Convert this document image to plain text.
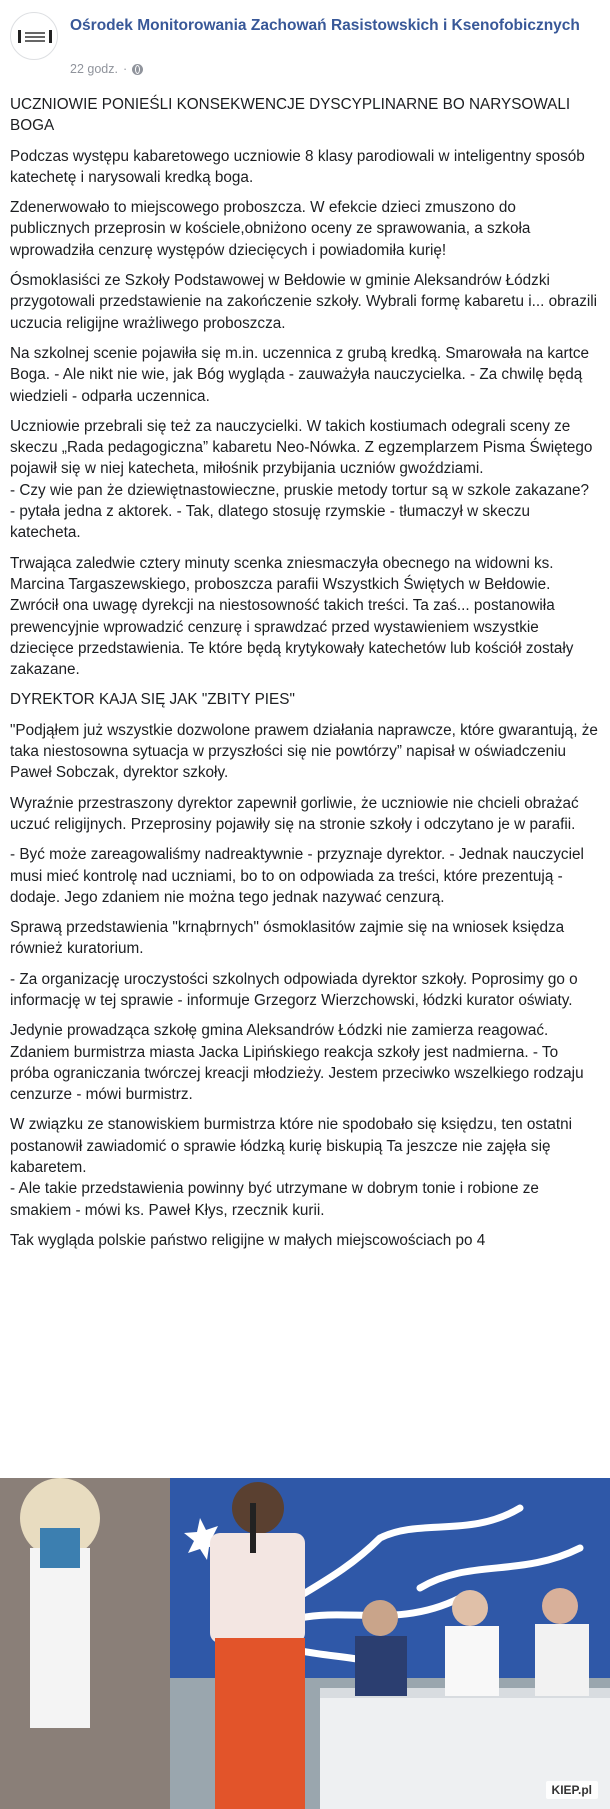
Ośrodek Monitorowania Zachowań Rasistowskich i Ksenofobicznych
22 godz. ·

UCZNIOWIE PONIEŚLI KONSEKWENCJE DYSCYPLINARNE BO NARYSOWALI BOGA

Podczas występu kabaretowego uczniowie 8 klasy parodiowali w inteligentny sposób katechetę i narysowali kredką boga.

Zdenerwowało to miejscowego proboszcza. W efekcie dzieci zmuszono do publicznych przeprosin w kościele,obniżono oceny ze sprawowania, a szkoła wprowadziła cenzurę występów dziecięcych i powiadomiła kurię!

Ósmoklasiści ze Szkoły Podstawowej w Bełdowie w gminie Aleksandrów Łódzki przygotowali przedstawienie na zakończenie szkoły. Wybrali formę kabaretu i... obrazili uczucia religijne wrażliwego proboszcza.

Na szkolnej scenie pojawiła się m.in. uczennica z grubą kredką. Smarowała na kartce Boga. - Ale nikt nie wie, jak Bóg wygląda - zauważyła nauczycielka. - Za chwilę będą wiedzieli - odparła uczennica.

Uczniowie przebrali się też za nauczycielki. W takich kostiumach odegrali sceny ze skeczu „Rada pedagogiczna” kabaretu Neo-Nówka. Z egzemplarzem Pisma Świętego pojawił się w niej katecheta, miłośnik przybijania uczniów gwoździami.

- Czy wie pan że dziewiętnastowieczne, pruskie metody tortur są w szkole zakazane? - pytała jedna z aktorek. - Tak, dlatego stosuję rzymskie - tłumaczył w skeczu katecheta.

Trwająca zaledwie cztery minuty scenka zniesmaczyła obecnego na widowni ks. Marcina Targaszewskiego, proboszcza parafii Wszystkich Świętych w Bełdowie. Zwrócił ona uwagę dyrekcji na niestosowność takich treści. Ta zaś... postanowiła prewencyjnie wprowadzić cenzurę i sprawdzać przed wystawieniem wszystkie dziecięce przedstawienia. Te które będą krytykowały katechetów lub kościół zostały zakazane.

DYREKTOR KAJA SIĘ JAK "ZBITY PIES"

"Podjąłem już wszystkie dozwolone prawem działania naprawcze, które gwarantują, że taka niestosowna sytuacja w przyszłości się nie powtórzy” napisał w oświadczeniu Paweł Sobczak, dyrektor szkoły.

Wyraźnie przestraszony dyrektor zapewnił gorliwie, że uczniowie nie chcieli obrażać uczuć religijnych. Przeprosiny pojawiły się na stronie szkoły i odczytano je w parafii.

- Być może zareagowaliśmy nadreaktywnie - przyznaje dyrektor. - Jednak nauczyciel musi mieć kontrolę nad uczniami, bo to on odpowiada za treści, które prezentują - dodaje. Jego zdaniem nie można tego jednak nazywać cenzurą.

Sprawą przedstawienia "krnąbrnych" ósmoklasitów zajmie się na wniosek księdza również kuratorium.

- Za organizację uroczystości szkolnych odpowiada dyrektor szkoły. Poprosimy go o informację w tej sprawie - informuje Grzegorz Wierzchowski, łódzki kurator oświaty.

Jedynie prowadząca szkołę gmina Aleksandrów Łódzki nie zamierza reagować. Zdaniem burmistrza miasta Jacka Lipińskiego reakcja szkoły jest nadmierna. - To próba ograniczania twórczej kreacji młodzieży. Jestem przeciwko wszelkiego rodzaju cenzurze - mówi burmistrz.

W związku ze stanowiskiem burmistrza które nie spodobało się księdzu, ten ostatni postanowił zawiadomić o sprawie łódzką kurię biskupią Ta jeszcze nie zajęła się kabaretem.

- Ale takie przedstawienia powinny być utrzymane w dobrym tonie i robione ze smakiem - mówi ks. Paweł Kłys, rzecznik kurii.

Tak wygląda polskie państwo religijne w małych miejscowościach po 4

KIEP.pl
